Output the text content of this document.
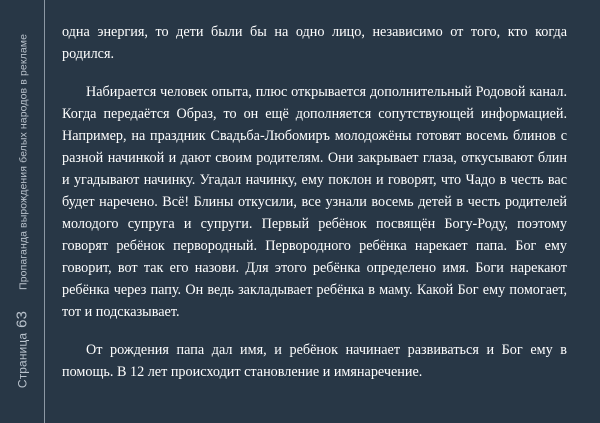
Страница 63 Пропаганда вырождения белых народов в рекламе

одна энергия, то дети были бы на одно лицо, независимо от того, кто когда родился.

Набирается человек опыта, плюс открывается дополнительный Родовой канал. Когда передаётся Образ, то он ещё дополняется сопутствующей информацией. Например, на праздник Свадьба-Любомиръ молодожёны готовят восемь блинов с разной начинкой и дают своим родителям. Они закрывает глаза, откусывают блин и угадывают начинку. Угадал начинку, ему поклон и говорят, что Чадо в честь вас будет наречено. Всё! Блины откусили, все узнали восемь детей в честь родителей молодого супруга и супруги. Первый ребёнок посвящён Богу-Роду, поэтому говорят ребёнок первородный. Первородного ребёнка нарекает папа. Бог ему говорит, вот так его назови. Для этого ребёнка определено имя. Боги нарекают ребёнка через папу. Он ведь закладывает ребёнка в маму. Какой Бог ему помогает, тот и подсказывает.

От рождения папа дал имя, и ребёнок начинает развиваться и Бог ему в помощь. В 12 лет происходит становление и имянаречение.
